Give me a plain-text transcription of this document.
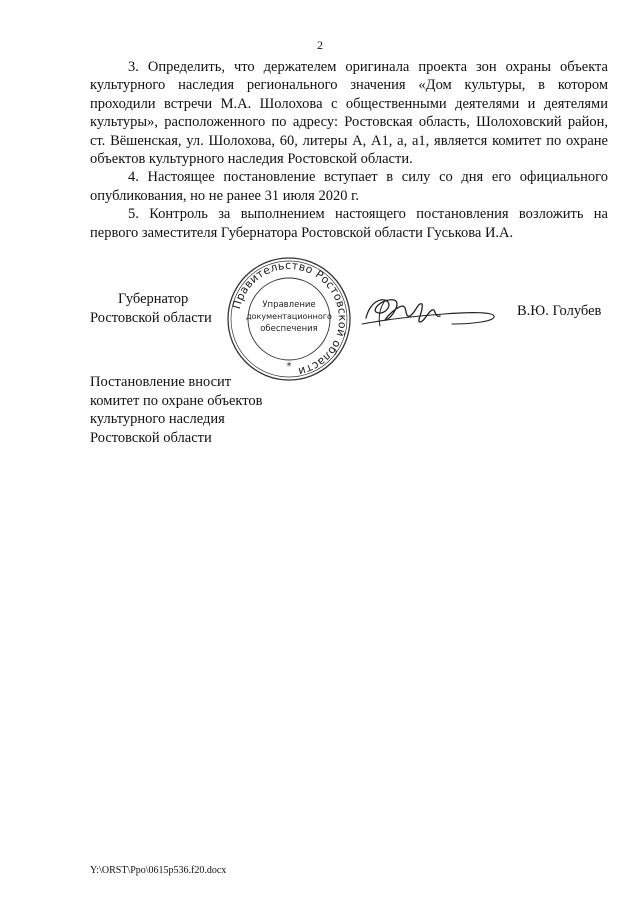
2

3. Определить, что держателем оригинала проекта зон охраны объекта культурного наследия регионального значения «Дом культуры, в котором проходили встречи М.А. Шолохова с общественными деятелями и деятелями культуры», расположенного по адресу: Ростовская область, Шолоховский район, ст. Вёшенская, ул. Шолохова, 60, литеры А, А1, а, а1, является комитет по охране объектов культурного наследия Ростовской области.

4. Настоящее постановление вступает в силу со дня его официального опубликования, но не ранее 31 июля 2020 г.

5. Контроль за выполнением настоящего постановления возложить на первого заместителя Губернатора Ростовской области Гуськова И.А.

Губернатор
Ростовской области
Правительство Ростовской области
Управление
документационного
обеспечения
*
В.Ю. Голубев
Постановление вносит
комитет по охране объектов
культурного наследия
Ростовской области
Y:\ORST\Ppo\0615p536.f20.docx
